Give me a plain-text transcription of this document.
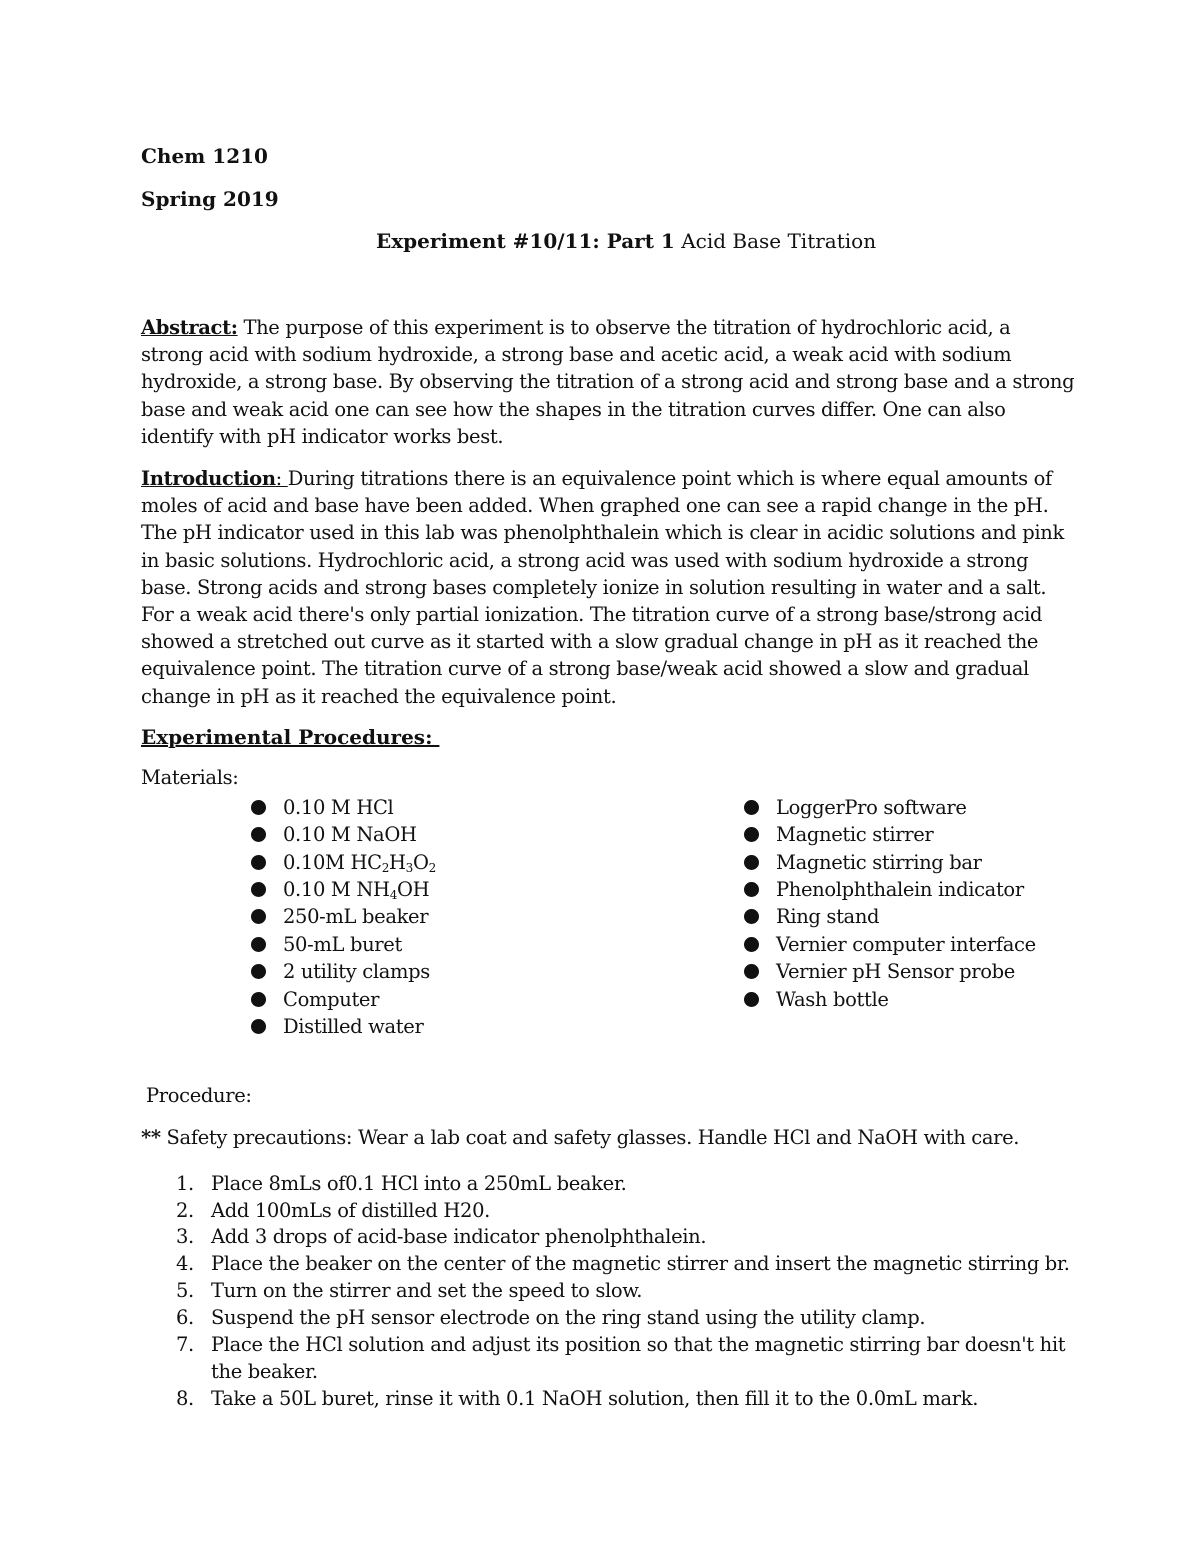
Chem 1210
Spring 2019
Experiment #10/11: Part 1 Acid Base Titration
Abstract: The purpose of this experiment is to observe the titration of hydrochloric acid, a
strong acid with sodium hydroxide, a strong base and acetic acid, a weak acid with sodium
hydroxide, a strong base. By observing the titration of a strong acid and strong base and a strong
base and weak acid one can see how the shapes in the titration curves differ. One can also
identify with pH indicator works best.
Introduction: During titrations there is an equivalence point which is where equal amounts of
moles of acid and base have been added. When graphed one can see a rapid change in the pH.
The pH indicator used in this lab was phenolphthalein which is clear in acidic solutions and pink
in basic solutions. Hydrochloric acid, a strong acid was used with sodium hydroxide a strong
base. Strong acids and strong bases completely ionize in solution resulting in water and a salt.
For a weak acid there's only partial ionization. The titration curve of a strong base/strong acid
showed a stretched out curve as it started with a slow gradual change in pH as it reached the
equivalence point. The titration curve of a strong base/weak acid showed a slow and gradual
change in pH as it reached the equivalence point.
Experimental Procedures:
Materials:
0.10 M HCl
0.10 M NaOH
0.10M $HC_2H_3O_2$
0.10 M $NH_4OH$
250-mL beaker
50-mL buret
2 utility clamps
Computer
Distilled water
LoggerPro software
Magnetic stirrer
Magnetic stirring bar
Phenolphthalein indicator
Ring stand
Vernier computer interface
Vernier pH Sensor probe
Wash bottle
Procedure:
** Safety precautions: Wear a lab coat and safety glasses. Handle HCl and NaOH with care.
1. Place 8mLs of0.1 HCl into a 250mL beaker.
2. Add 100mLs of distilled H20.
3. Add 3 drops of acid-base indicator phenolphthalein.
4. Place the beaker on the center of the magnetic stirrer and insert the magnetic stirring br.
5. Turn on the stirrer and set the speed to slow.
6. Suspend the pH sensor electrode on the ring stand using the utility clamp.
7. Place the HCl solution and adjust its position so that the magnetic stirring bar doesn't hit
the beaker.
8. Take a 50L buret, rinse it with 0.1 NaOH solution, then fill it to the 0.0mL mark.
